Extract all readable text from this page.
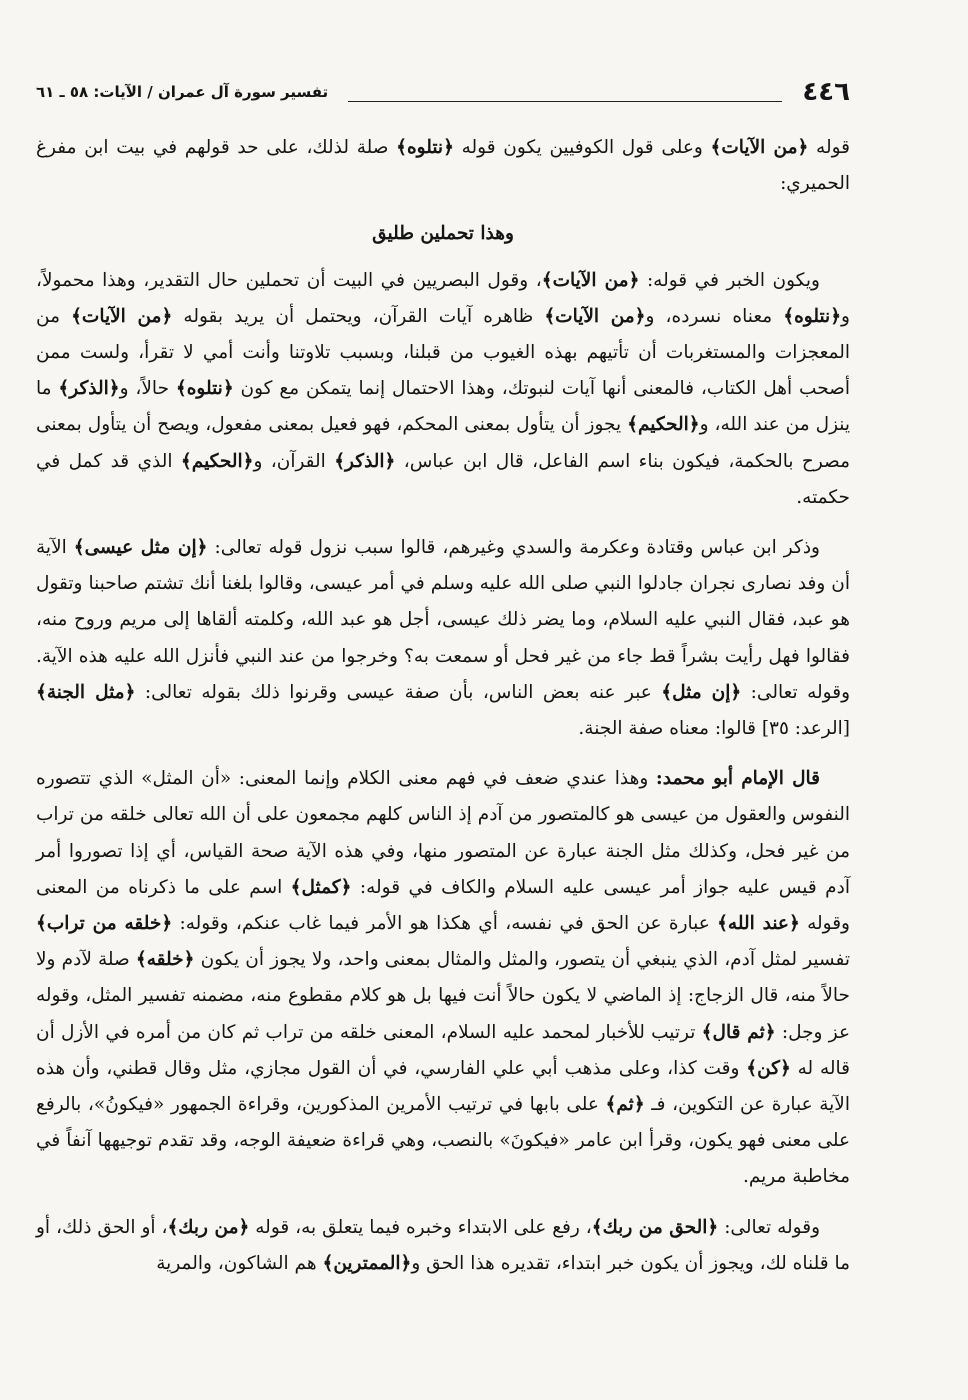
٤٤٦
تفسير سورة آل عمران / الآيات: ٥٨ ـ ٦١

قوله ﴿من الآيات﴾ وعلى قول الكوفيين يكون قوله ﴿نتلوه﴾ صلة لذلك، على حد قولهم في بيت ابن مفرغ الحميري:

وهذا تحملين طليق

ويكون الخبر في قوله: ﴿من الآيات﴾، وقول البصريين في البيت أن تحملين حال التقدير، وهذا محمولاً، و﴿نتلوه﴾ معناه نسرده، و﴿من الآيات﴾ ظاهره آيات القرآن، ويحتمل أن يريد بقوله ﴿من الآيات﴾ من المعجزات والمستغربات أن تأتيهم بهذه الغيوب من قبلنا، وبسبب تلاوتنا وأنت أمي لا تقرأ، ولست ممن أصحب أهل الكتاب، فالمعنى أنها آيات لنبوتك، وهذا الاحتمال إنما يتمكن مع كون ﴿نتلوه﴾ حالاً، و﴿الذكر﴾ ما ينزل من عند الله، و﴿الحكيم﴾ يجوز أن يتأول بمعنى المحكم، فهو فعيل بمعنى مفعول، ويصح أن يتأول بمعنى مصرح بالحكمة، فيكون بناء اسم الفاعل، قال ابن عباس، ﴿الذكر﴾ القرآن، و﴿الحكيم﴾ الذي قد كمل في حكمته.

وذكر ابن عباس وقتادة وعكرمة والسدي وغيرهم، قالوا سبب نزول قوله تعالى: ﴿إن مثل عيسى﴾ الآية أن وفد نصارى نجران جادلوا النبي صلى الله عليه وسلم في أمر عيسى، وقالوا بلغنا أنك تشتم صاحبنا وتقول هو عبد، فقال النبي عليه السلام، وما يضر ذلك عيسى، أجل هو عبد الله، وكلمته ألقاها إلى مريم وروح منه، فقالوا فهل رأيت بشراً قط جاء من غير فحل أو سمعت به؟ وخرجوا من عند النبي فأنزل الله عليه هذه الآية. وقوله تعالى: ﴿إن مثل﴾ عبر عنه بعض الناس، بأن صفة عيسى وقرنوا ذلك بقوله تعالى: ﴿مثل الجنة﴾ [الرعد: ٣٥] قالوا: معناه صفة الجنة.

قال الإمام أبو محمد: وهذا عندي ضعف في فهم معنى الكلام وإنما المعنى: «أن المثل» الذي تتصوره النفوس والعقول من عيسى هو كالمتصور من آدم إذ الناس كلهم مجمعون على أن الله تعالى خلقه من تراب من غير فحل، وكذلك مثل الجنة عبارة عن المتصور منها، وفي هذه الآية صحة القياس، أي إذا تصوروا أمر آدم قيس عليه جواز أمر عيسى عليه السلام والكاف في قوله: ﴿كمثل﴾ اسم على ما ذكرناه من المعنى وقوله ﴿عند الله﴾ عبارة عن الحق في نفسه، أي هكذا هو الأمر فيما غاب عنكم، وقوله: ﴿خلقه من تراب﴾ تفسير لمثل آدم، الذي ينبغي أن يتصور، والمثل والمثال بمعنى واحد، ولا يجوز أن يكون ﴿خلقه﴾ صلة لآدم ولا حالاً منه، قال الزجاج: إذ الماضي لا يكون حالاً أنت فيها بل هو كلام مقطوع منه، مضمنه تفسير المثل، وقوله عز وجل: ﴿ثم قال﴾ ترتيب للأخبار لمحمد عليه السلام، المعنى خلقه من تراب ثم كان من أمره في الأزل أن قاله له ﴿كن﴾ وقت كذا، وعلى مذهب أبي علي الفارسي، في أن القول مجازي، مثل وقال قطني، وأن هذه الآية عبارة عن التكوين، فـ ﴿ثم﴾ على بابها في ترتيب الأمرين المذكورين، وقراءة الجمهور «فيكونُ»، بالرفع على معنى فهو يكون، وقرأ ابن عامر «فيكونَ» بالنصب، وهي قراءة ضعيفة الوجه، وقد تقدم توجيهها آنفاً في مخاطبة مريم.

وقوله تعالى: ﴿الحق من ربك﴾، رفع على الابتداء وخبره فيما يتعلق به، قوله ﴿من ربك﴾، أو الحق ذلك، أو ما قلناه لك، ويجوز أن يكون خبر ابتداء، تقديره هذا الحق و﴿الممترين﴾ هم الشاكون، والمرية
